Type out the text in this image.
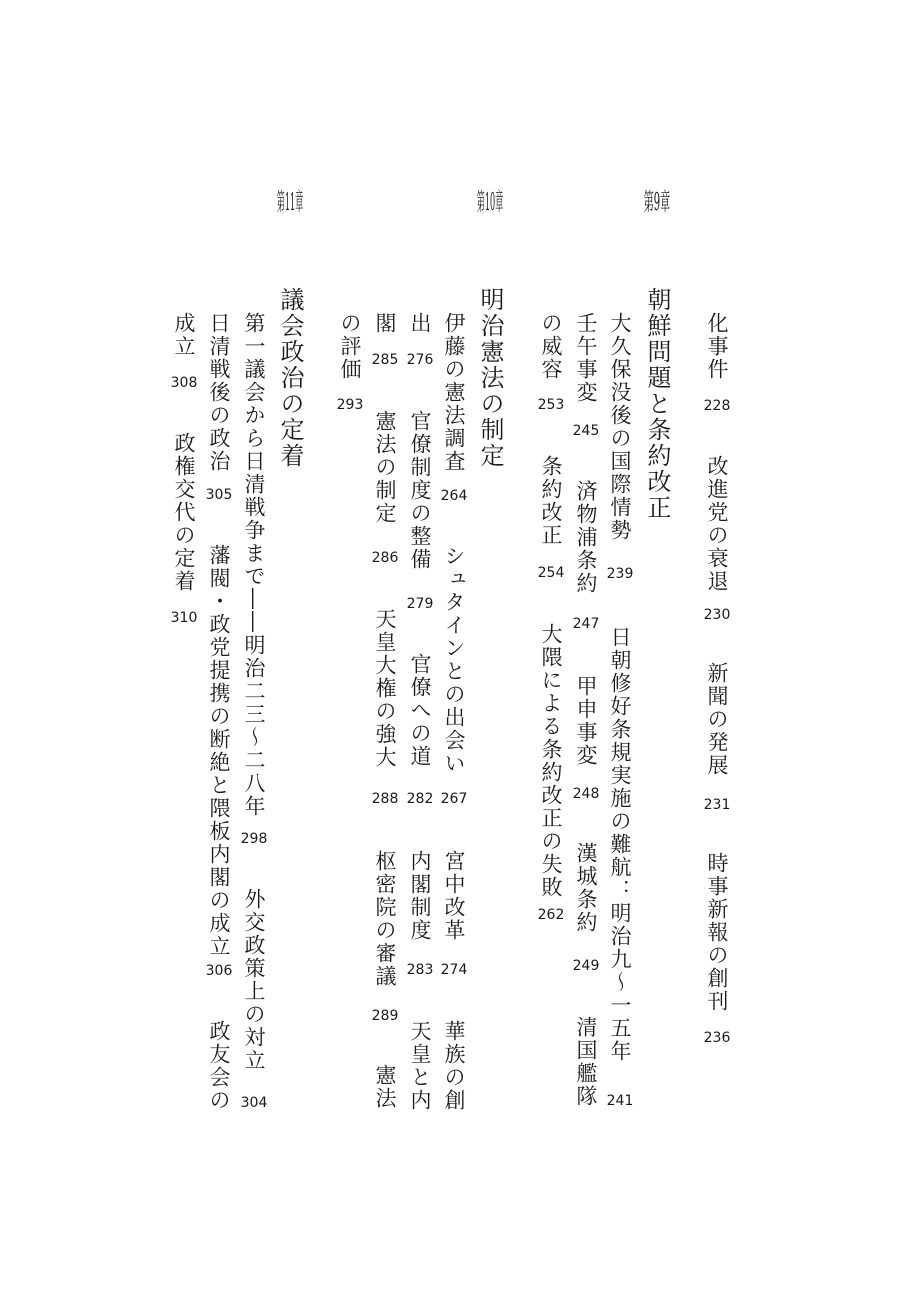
化事件
228
改進党の衰退
230
新聞の発展
231
時事新報の創刊
236
第9章
朝鮮問題と条約改正
大久保没後の国際情勢
239
日朝修好条規実施の難航：明治九～一五年
241
壬午事変
245
済物浦条約
247
甲申事変
248
漢城条約
249
清国艦隊
の威容
253
条約改正
254
大隈による条約改正の失敗
262
第10章
明治憲法の制定
伊藤の憲法調査
264
シュタインとの出会い
267
宮中改革
274
華族の創
出
276
官僚制度の整備
279
官僚への道
282
内閣制度
283
天皇と内
閣
285
憲法の制定
286
天皇大権の強大
288
枢密院の審議
289
憲法
の評価
293
第11章
議会政治の定着
第一議会から日清戦争まで――明治二三～二八年
298
外交政策上の対立
304
日清戦後の政治
305
藩閥・政党提携の断絶と隈板内閣の成立
306
政友会の
成立
308
政権交代の定着
310
